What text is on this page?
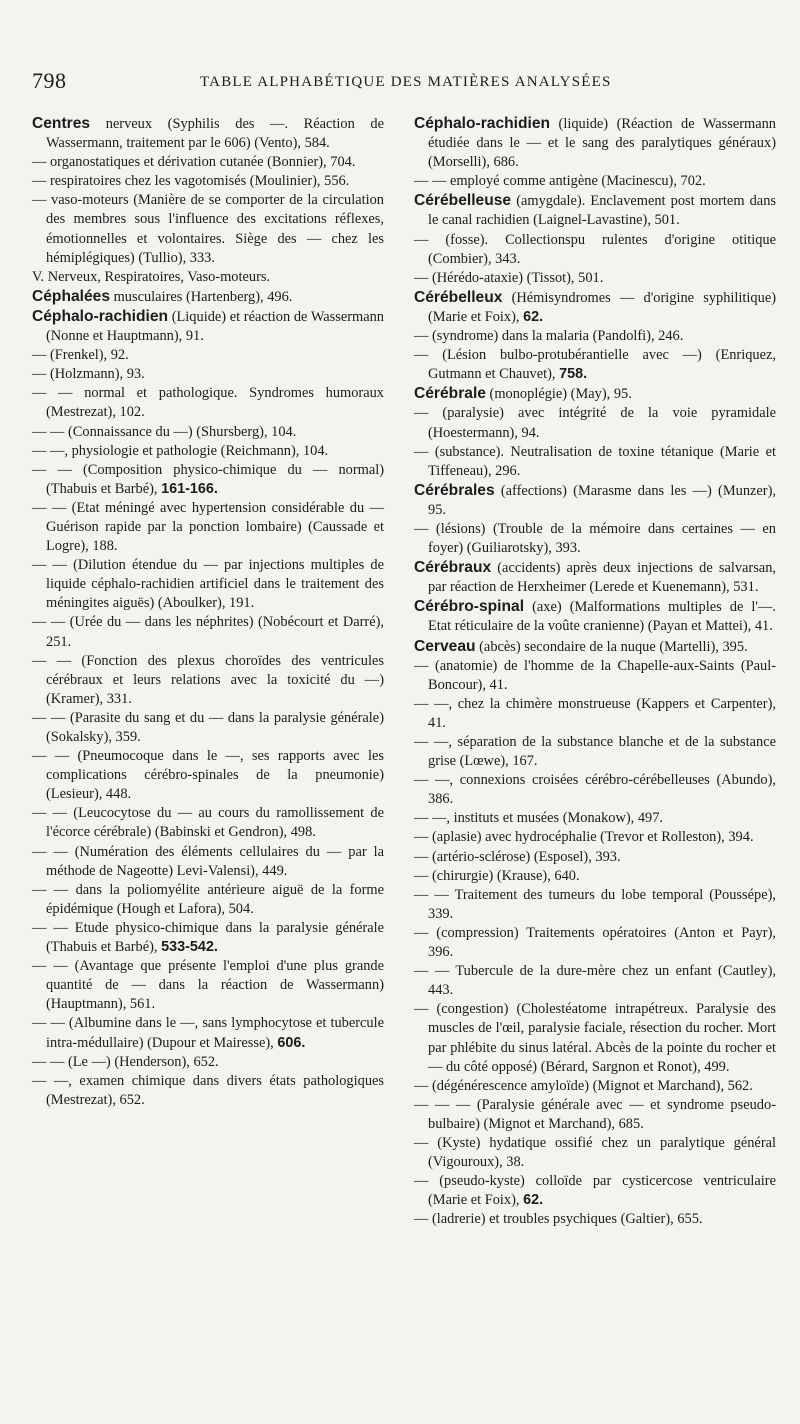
798	TABLE ALPHABÉTIQUE DES MATIÈRES ANALYSÉES

Centres nerveux (Syphilis des —. Réaction de Wassermann, traitement par le 606) (Vento), 584.

— organostatiques et dérivation cutanée (Bonnier), 704.

— respiratoires chez les vagotomisés (Moulinier), 556.

— vaso-moteurs (Manière de se comporter de la circulation des membres sous l'influence des excitations réflexes, émotionnelles et volontaires. Siège des — chez les hémiplégiques) (Tullio), 333.

V. Nerveux, Respiratoires, Vaso-moteurs.

Céphalées musculaires (Hartenberg), 496.

Céphalo-rachidien (Liquide) et réaction de Wassermann (Nonne et Hauptmann), 91.

— (Frenkel), 92.

— (Holzmann), 93.

— — normal et pathologique. Syndromes humoraux (Mestrezat), 102.

— — (Connaissance du —) (Shursberg), 104.

— —, physiologie et pathologie (Reichmann), 104.

— — (Composition physico-chimique du — normal) (Thabuis et Barbé), 161-166.

— — (Etat méningé avec hypertension considérable du — Guérison rapide par la ponction lombaire) (Caussade et Logre), 188.

— — (Dilution étendue du — par injections multiples de liquide céphalo-rachidien artificiel dans le traitement des méningites aiguës) (Aboulker), 191.

— — (Urée du — dans les néphrites) (Nobécourt et Darré), 251.

— — (Fonction des plexus choroïdes des ventricules cérébraux et leurs relations avec la toxicité du —) (Kramer), 331.

— — (Parasite du sang et du — dans la paralysie générale) (Sokalsky), 359.

— — (Pneumocoque dans le —, ses rapports avec les complications cérébro-spinales de la pneumonie) (Lesieur), 448.

— — (Leucocytose du — au cours du ramollissement de l'écorce cérébrale) (Babinski et Gendron), 498.

— — (Numération des éléments cellulaires du — par la méthode de Nageotte) Levi-Valensi), 449.

— — dans la poliomyélite antérieure aiguë de la forme épidémique (Hough et Lafora), 504.

— — Etude physico-chimique dans la paralysie générale (Thabuis et Barbé), 533-542.

— — (Avantage que présente l'emploi d'une plus grande quantité de — dans la réaction de Wassermann) (Hauptmann), 561.

— — (Albumine dans le —, sans lymphocytose et tubercule intra-médullaire) (Dupour et Mairesse), 606.

— — (Le —) (Henderson), 652.

— —, examen chimique dans divers états pathologiques (Mestrezat), 652.

Céphalo-rachidien (liquide) (Réaction de Wassermann étudiée dans le — et le sang des paralytiques généraux) (Morselli), 686.

— — employé comme antigène (Macinescu), 702.

Cérébelleuse (amygdale). Enclavement post mortem dans le canal rachidien (Laignel-Lavastine), 501.

— (fosse). Collectionspu rulentes d'origine otitique (Combier), 343.

— (Hérédo-ataxie) (Tissot), 501.

Cérébelleux (Hémisyndromes — d'origine syphilitique) (Marie et Foix), 62.

— (syndrome) dans la malaria (Pandolfi), 246.

— (Lésion bulbo-protubérantielle avec —) (Enriquez, Gutmann et Chauvet), 758.

Cérébrale (monoplégie) (May), 95.

— (paralysie) avec intégrité de la voie pyramidale (Hoestermann), 94.

— (substance). Neutralisation de toxine tétanique (Marie et Tiffeneau), 296.

Cérébrales (affections) (Marasme dans les —) (Munzer), 95.

— (lésions) (Trouble de la mémoire dans certaines — en foyer) (Guiliarotsky), 393.

Cérébraux (accidents) après deux injections de salvarsan, par réaction de Herxheimer (Lerede et Kuenemann), 531.

Cérébro-spinal (axe) (Malformations multiples de l'—. Etat réticulaire de la voûte cranienne) (Payan et Mattei), 41.

Cerveau (abcès) secondaire de la nuque (Martelli), 395.

— (anatomie) de l'homme de la Chapelle-aux-Saints (Paul-Boncour), 41.

— —, chez la chimère monstrueuse (Kappers et Carpenter), 41.

— —, séparation de la substance blanche et de la substance grise (Lœwe), 167.

— —, connexions croisées cérébro-cérébelleuses (Abundo), 386.

— —, instituts et musées (Monakow), 497.

— (aplasie) avec hydrocéphalie (Trevor et Rolleston), 394.

— (artério-sclérose) (Esposel), 393.

— (chirurgie) (Krause), 640.

— — Traitement des tumeurs du lobe temporal (Poussépe), 339.

— (compression) Traitements opératoires (Anton et Payr), 396.

— — Tubercule de la dure-mère chez un enfant (Cautley), 443.

— (congestion) (Cholestéatome intrapétreux. Paralysie des muscles de l'œil, paralysie faciale, résection du rocher. Mort par phlébite du sinus latéral. Abcès de la pointe du rocher et — du côté opposé) (Bérard, Sargnon et Ronot), 499.

— (dégénérescence amyloïde) (Mignot et Marchand), 562.

— — — (Paralysie générale avec — et syndrome pseudo-bulbaire) (Mignot et Marchand), 685.

— (Kyste) hydatique ossifié chez un paralytique général (Vigouroux), 38.

— (pseudo-kyste) colloïde par cysticercose ventriculaire (Marie et Foix), 62.

— (ladrerie) et troubles psychiques (Galtier), 655.
